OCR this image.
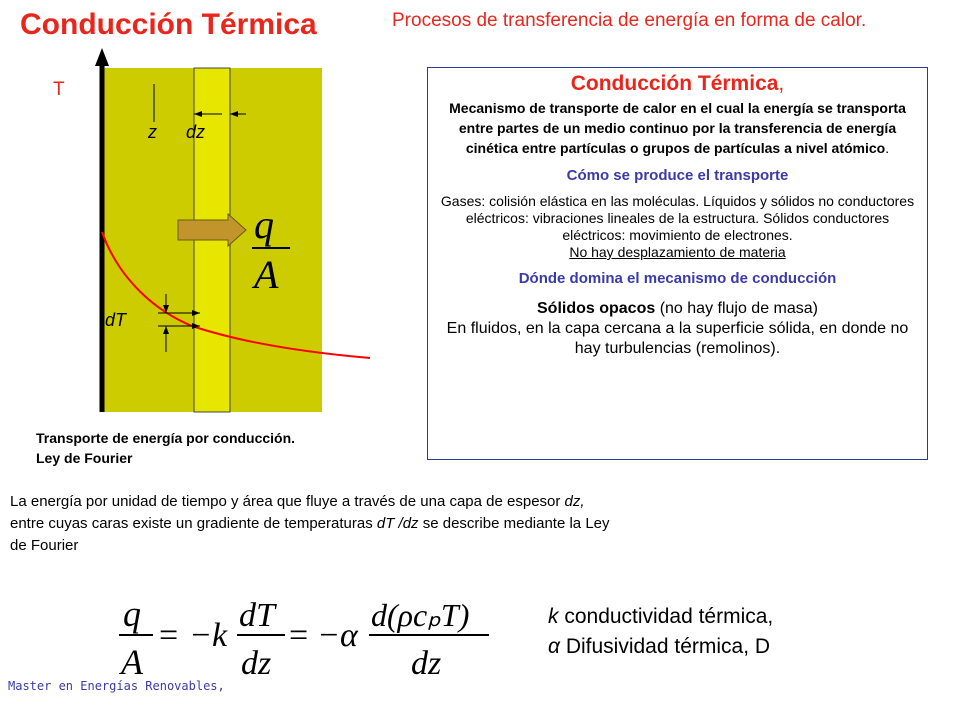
Conducción Térmica	Procesos de transferencia de energía en forma de calor.
T
z dz
q
A
dT
Conducción Térmica,
Mecanismo de transporte de calor en el cual la energía se transporta entre partes de un medio continuo por la transferencia de energía cinética entre partículas o grupos de partículas a nivel atómico.
Cómo se produce el transporte
Gases: colisión elástica en las moléculas. Líquidos y sólidos no conductores eléctricos: vibraciones lineales de la estructura. Sólidos conductores eléctricos: movimiento de electrones.
No hay desplazamiento de materia
Dónde domina el mecanismo de conducción
Sólidos opacos (no hay flujo de masa)
En fluidos, en la capa cercana a la superficie sólida, en donde no hay turbulencias (remolinos).
Transporte de energía por conducción.
Ley de Fourier
La energía por unidad de tiempo y área que fluye a través de una capa de espesor dz, entre cuyas caras existe un gradiente de temperaturas dT /dz se describe mediante la Ley de Fourier
q
A
= −k
dT
dz
= −α
d(ρcₚT)
dz
k conductividad térmica,
α Difusividad térmica, D
Master en Energías Renovables,
